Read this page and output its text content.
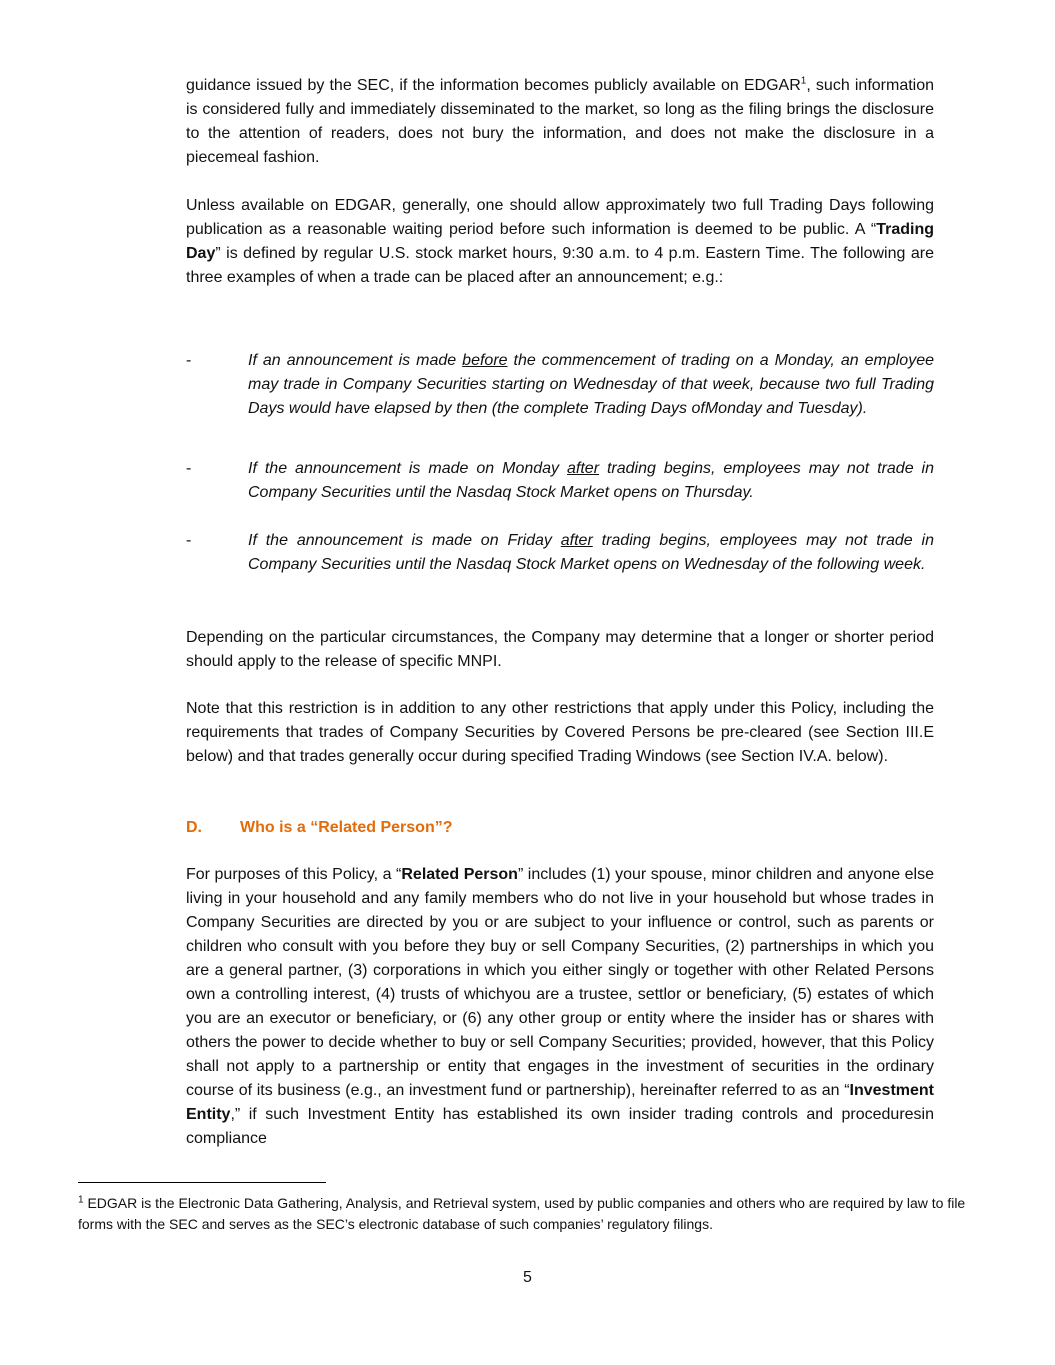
guidance issued by the SEC, if the information becomes publicly available on EDGAR$^1$, such information is considered fully and immediately disseminated to the market, so long as the filing brings the disclosure to the attention of readers, does not bury the information, and does not make the disclosure in a piecemeal fashion.

Unless available on EDGAR, generally, one should allow approximately two full Trading Days following publication as a reasonable waiting period before such information is deemed to be public. A “Trading Day” is defined by regular U.S. stock market hours, 9:30 a.m. to 4 p.m. Eastern Time. The following are three examples of when a trade can be placed after an announcement; e.g.:

-	If an announcement is made before the commencement of trading on a Monday, an employee may trade in Company Securities starting on Wednesday of that week, because two full Trading Days would have elapsed by then (the complete Trading Days ofMonday and Tuesday).
-	If the announcement is made on Monday after trading begins, employees may not trade in Company Securities until the Nasdaq Stock Market opens on Thursday.
-	If the announcement is made on Friday after trading begins, employees may not trade in Company Securities until the Nasdaq Stock Market opens on Wednesday of the following week.

Depending on the particular circumstances, the Company may determine that a longer or shorter period should apply to the release of specific MNPI.

Note that this restriction is in addition to any other restrictions that apply under this Policy, including the requirements that trades of Company Securities by Covered Persons be pre-cleared (see Section III.E below) and that trades generally occur during specified Trading Windows (see Section IV.A. below).

D. Who is a “Related Person”?

For purposes of this Policy, a “Related Person” includes (1) your spouse, minor children and anyone else living in your household and any family members who do not live in your household but whose trades in Company Securities are directed by you or are subject to your influence or control, such as parents or children who consult with you before they buy or sell Company Securities, (2) partnerships in which you are a general partner, (3) corporations in which you either singly or together with other Related Persons own a controlling interest, (4) trusts of whichyou are a trustee, settlor or beneficiary, (5) estates of which you are an executor or beneficiary, or (6) any other group or entity where the insider has or shares with others the power to decide whether to buy or sell Company Securities; provided, however, that this Policy shall not apply to a partnership or entity that engages in the investment of securities in the ordinary course of its business (e.g., an investment fund or partnership), hereinafter referred to as an “Investment Entity,” if such Investment Entity has established its own insider trading controls and proceduresin compliance

$^1$ EDGAR is the Electronic Data Gathering, Analysis, and Retrieval system, used by public companies and others who are required by law to file forms with the SEC and serves as the SEC’s electronic database of such companies’ regulatory filings.

5
